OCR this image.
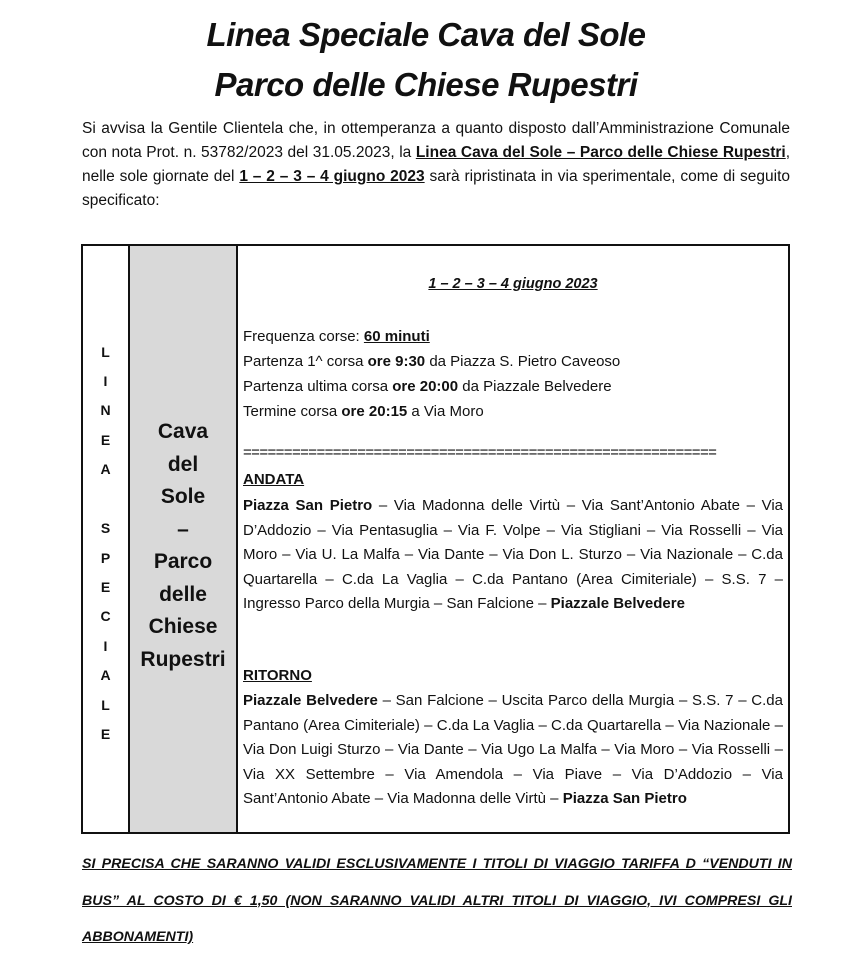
Linea Speciale Cava del Sole
Parco delle Chiese Rupestri
Si avvisa la Gentile Clientela che, in ottemperanza a quanto disposto dall’Amministrazione Comunale con nota Prot. n. 53782/2023 del 31.05.2023, la Linea Cava del Sole – Parco delle Chiese Rupestri, nelle sole giornate del 1 – 2 – 3 – 4 giugno 2023 sarà ripristinata in via sperimentale, come di seguito specificato:
L
I
N
E
A
S
P
E
C
I
A
L
E
Cava
del
Sole
–
Parco
delle
Chiese
Rupestri
1 – 2 – 3 – 4 giugno 2023
Frequenza corse: 60 minuti
Partenza 1^ corsa ore 9:30 da Piazza S. Pietro Caveoso
Partenza ultima corsa ore 20:00 da Piazzale Belvedere
Termine corsa ore 20:15 a Via Moro
==========================================================
ANDATA
Piazza San Pietro – Via Madonna delle Virtù – Via Sant’Antonio Abate – Via D’Addozio – Via Pentasuglia – Via F. Volpe – Via Stigliani – Via Rosselli – Via Moro – Via U. La Malfa – Via Dante – Via Don L. Sturzo – Via Nazionale – C.da Quartarella – C.da La Vaglia – C.da Pantano (Area Cimiteriale) – S.S. 7 – Ingresso Parco della Murgia – San Falcione – Piazzale Belvedere
RITORNO
Piazzale Belvedere – San Falcione – Uscita Parco della Murgia – S.S. 7 – C.da Pantano (Area Cimiteriale) – C.da La Vaglia – C.da Quartarella – Via Nazionale – Via Don Luigi Sturzo – Via Dante – Via Ugo La Malfa – Via Moro – Via Rosselli – Via XX Settembre – Via Amendola – Via Piave – Via D’Addozio – Via Sant’Antonio Abate – Via Madonna delle Virtù – Piazza San Pietro
SI PRECISA CHE SARANNO VALIDI ESCLUSIVAMENTE I TITOLI DI VIAGGIO TARIFFA D “VENDUTI IN BUS” AL COSTO DI € 1,50 (NON SARANNO VALIDI ALTRI TITOLI DI VIAGGIO, IVI COMPRESI GLI ABBONAMENTI)
